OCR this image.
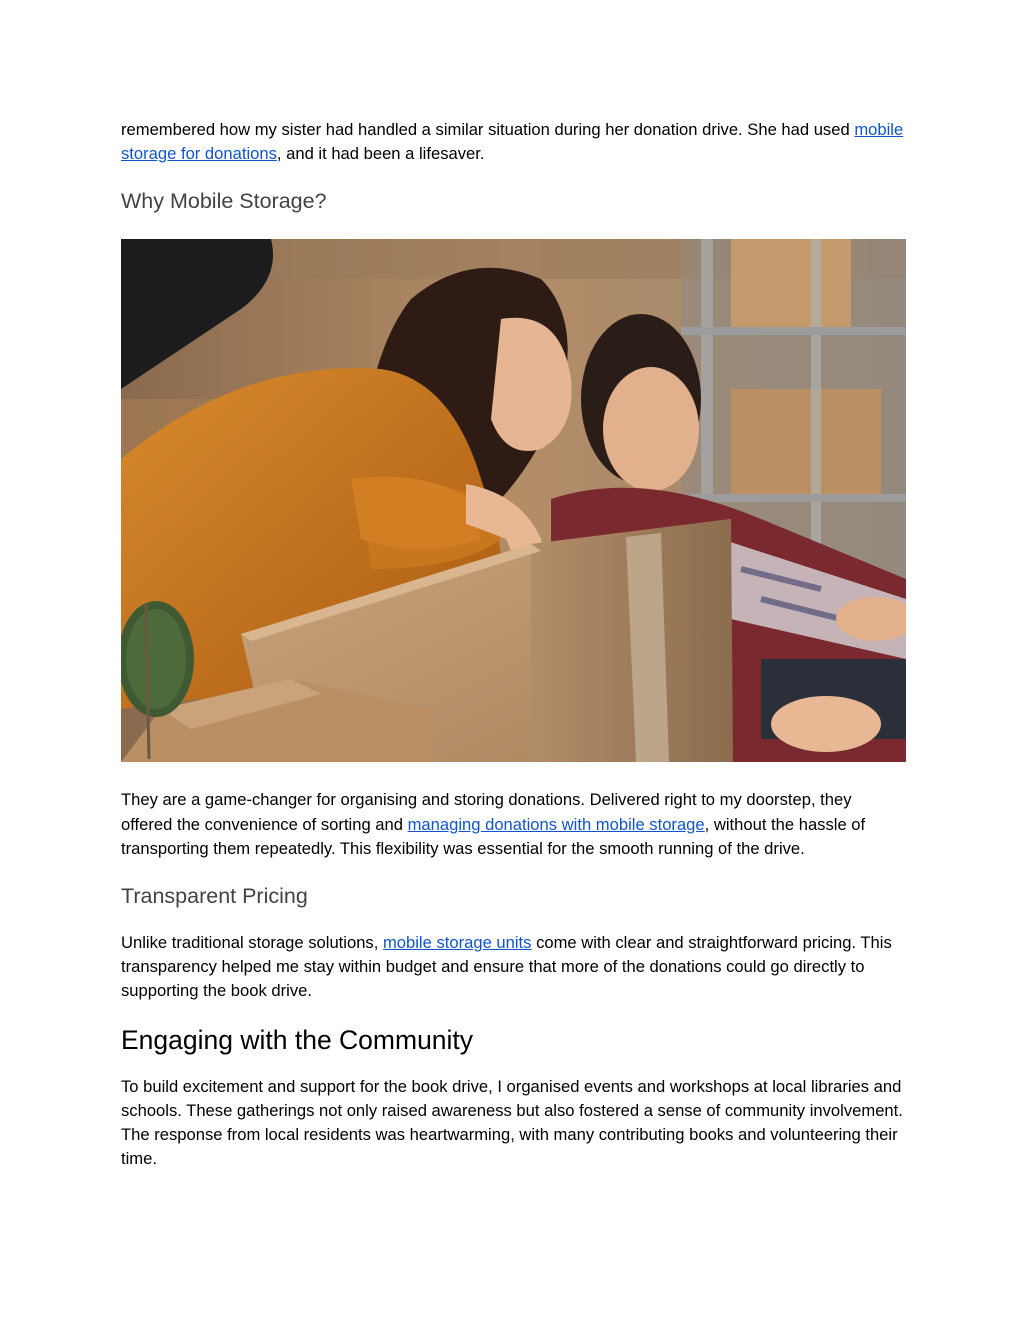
remembered how my sister had handled a similar situation during her donation drive. She had used mobile storage for donations, and it had been a lifesaver.

Why Mobile Storage?

They are a game-changer for organising and storing donations. Delivered right to my doorstep, they offered the convenience of sorting and managing donations with mobile storage, without the hassle of transporting them repeatedly. This flexibility was essential for the smooth running of the drive.

Transparent Pricing

Unlike traditional storage solutions, mobile storage units come with clear and straightforward pricing. This transparency helped me stay within budget and ensure that more of the donations could go directly to supporting the book drive.

Engaging with the Community

To build excitement and support for the book drive, I organised events and workshops at local libraries and schools. These gatherings not only raised awareness but also fostered a sense of community involvement. The response from local residents was heartwarming, with many contributing books and volunteering their time.
